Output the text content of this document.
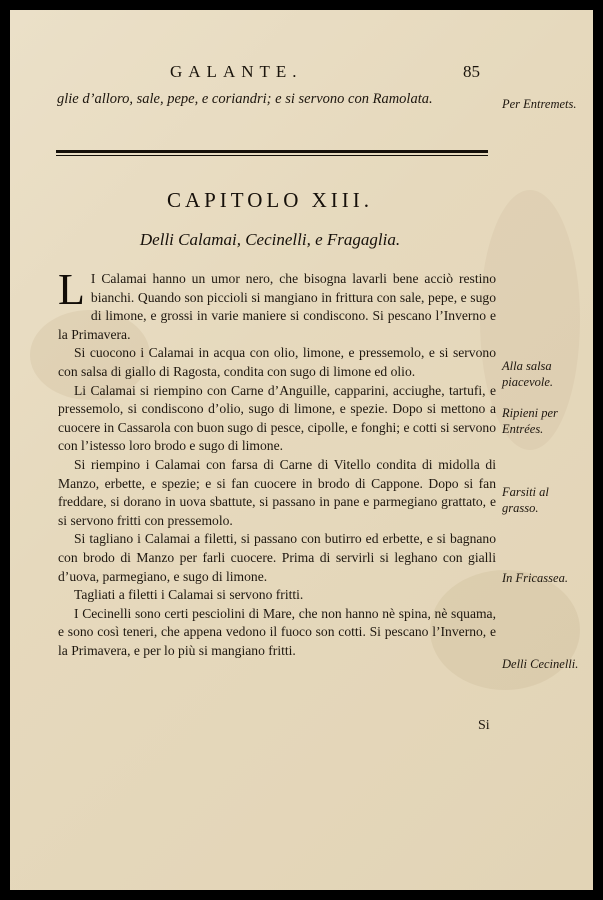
GALANTE.	85
glie d’alloro, sale, pepe, e coriandri; e si servono con Ramolata.
CAPITOLO XIII.
Delli Calamai, Cecinelli, e Fragaglia.

L I Calamai hanno un umor nero, che bisogna lavarli bene acciò restino bianchi. Quando son piccioli si mangiano in frittura con sale, pepe, e sugo di limone, e grossi in varie maniere si condiscono. Si pescano l’Inverno e la Primavera.

Si cuocono i Calamai in acqua con olio, limone, e pressemolo, e si servono con salsa di giallo di Ragosta, condita con sugo di limone ed olio.

Li Calamai si riempino con Carne d’Anguille, capparini, acciughe, tartufi, e pressemolo, si condiscono d’olio, sugo di limone, e spezie. Dopo si mettono a cuocere in Cassarola con buon sugo di pesce, cipolle, e fonghi; e cotti si servono con l’istesso loro brodo e sugo di limone.

Si riempino i Calamai con farsa di Carne di Vitello condita di midolla di Manzo, erbette, e spezie; e si fan cuocere in brodo di Cappone. Dopo si fan freddare, si dorano in uova sbattute, si passano in pane e parmegiano grattato, e si servono fritti con pressemolo.

Si tagliano i Calamai a filetti, si passano con butirro ed erbette, e si bagnano con brodo di Manzo per farli cuocere. Prima di servirli si leghano con gialli d’uova, parmegiano, e sugo di limone.

Tagliati a filetti i Calamai si servono fritti.

I Cecinelli sono certi pesciolini di Mare, che non hanno nè spina, nè squama, e sono così teneri, che appena vedono il fuoco son cotti. Si pescano l’Inverno, e la Primavera, e per lo più si mangiano fritti.

Per Entremets.
Alla salsa piacevole.
Ripieni per Entrées.
Farsiti al grasso.
In Fricassea.
Delli Cecinelli.
Si
